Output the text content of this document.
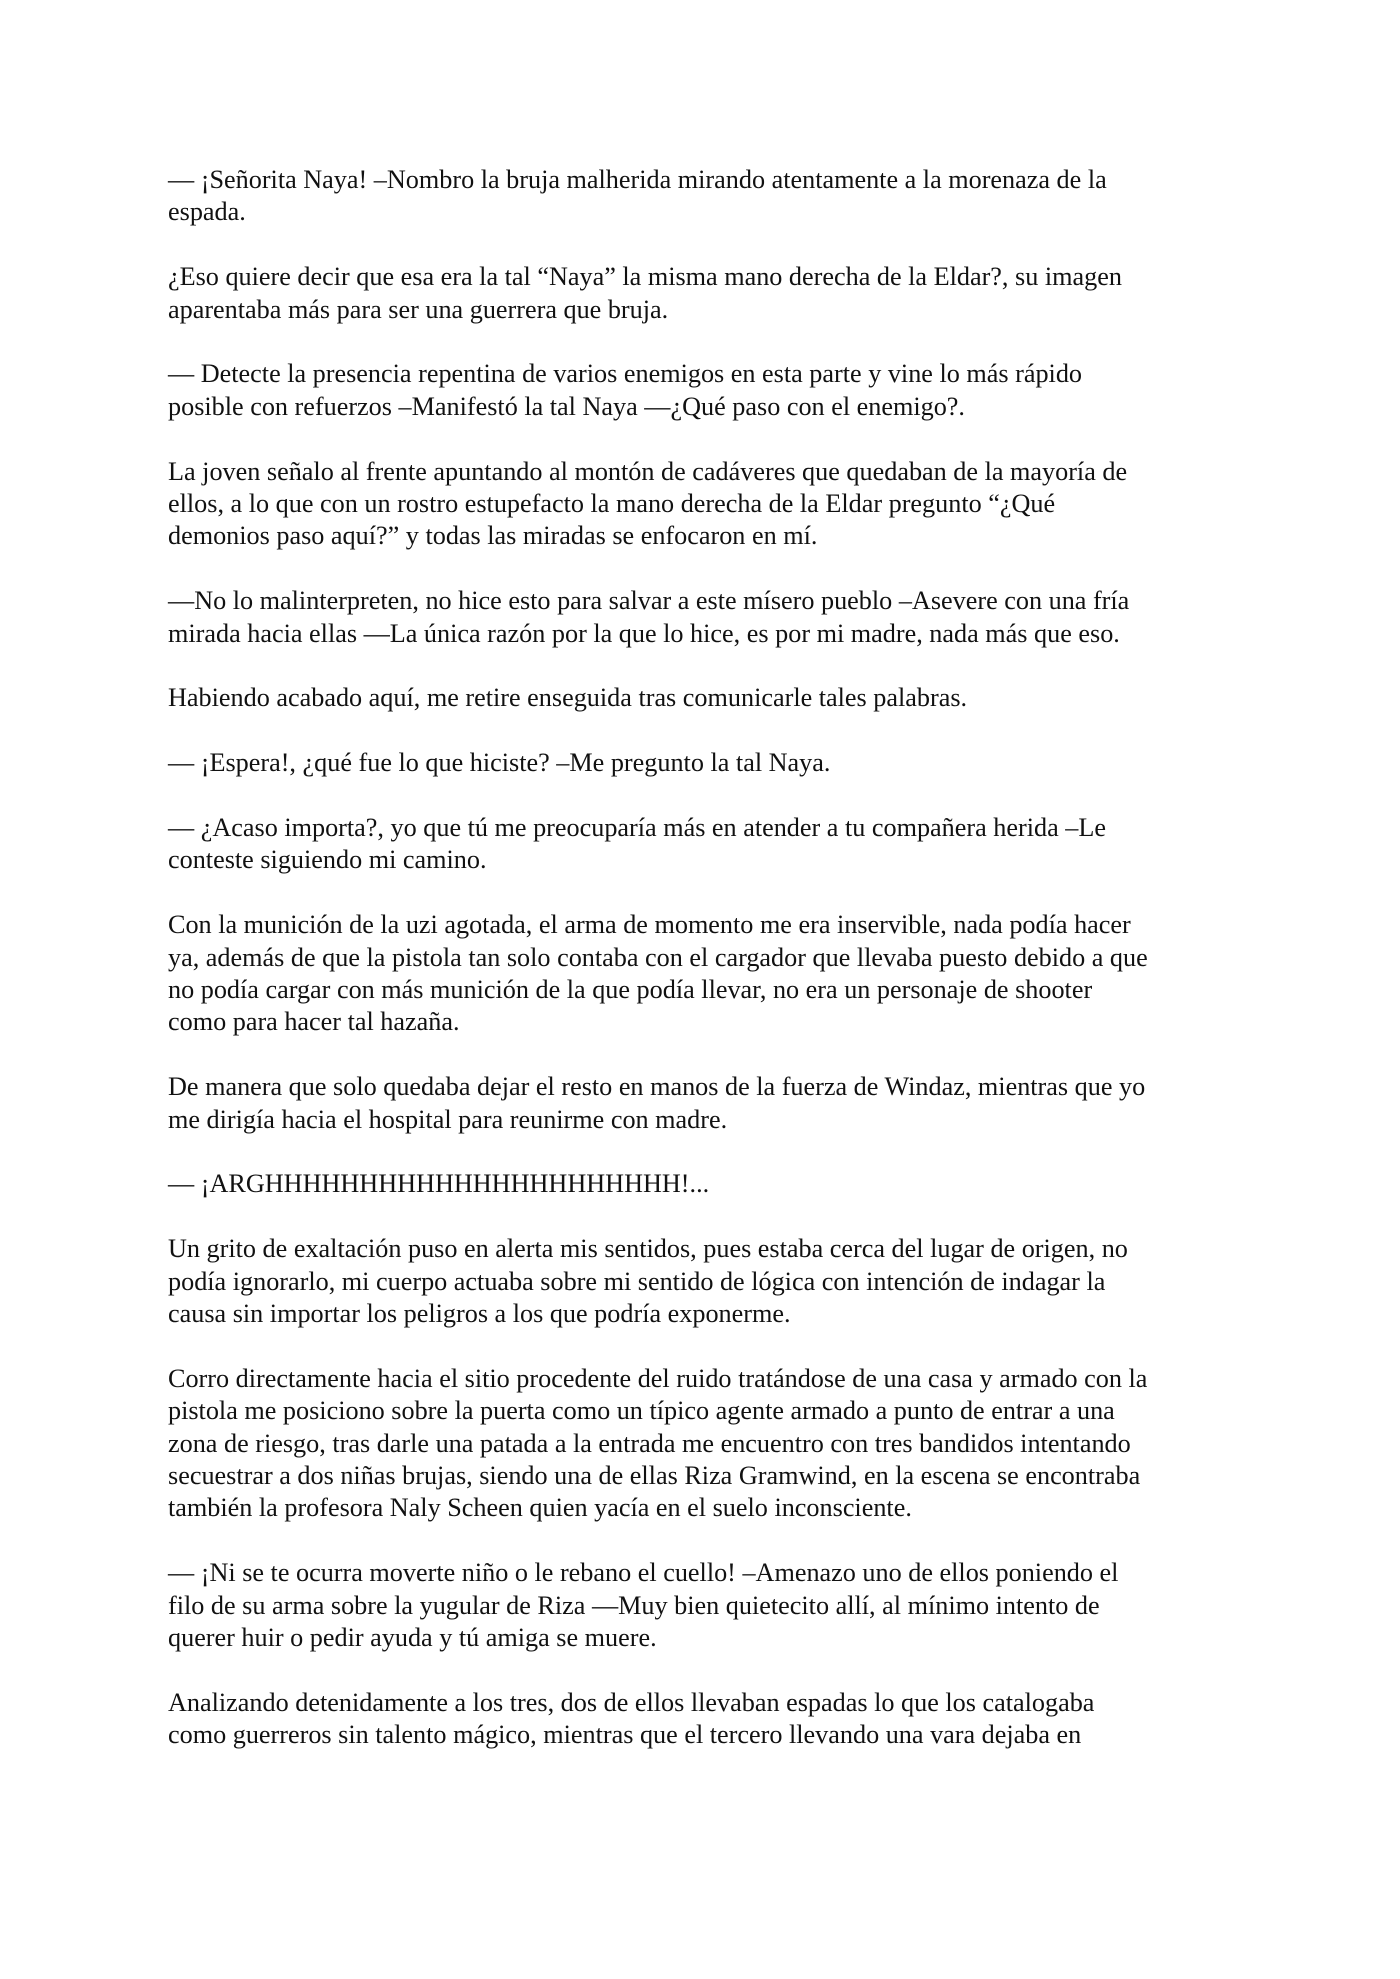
— ¡Señorita Naya! –Nombro la bruja malherida mirando atentamente a la morenaza de la
espada.

¿Eso quiere decir que esa era la tal “Naya” la misma mano derecha de la Eldar?, su imagen
aparentaba más para ser una guerrera que bruja.

— Detecte la presencia repentina de varios enemigos en esta parte y vine lo más rápido
posible con refuerzos –Manifestó la tal Naya —¿Qué paso con el enemigo?.

La joven señalo al frente apuntando al montón de cadáveres que quedaban de la mayoría de
ellos, a lo que con un rostro estupefacto la mano derecha de la Eldar pregunto “¿Qué
demonios paso aquí?” y todas las miradas se enfocaron en mí.

—No lo malinterpreten, no hice esto para salvar a este mísero pueblo –Asevere con una fría
mirada hacia ellas —La única razón por la que lo hice, es por mi madre, nada más que eso.

Habiendo acabado aquí, me retire enseguida tras comunicarle tales palabras.

— ¡Espera!, ¿qué fue lo que hiciste? –Me pregunto la tal Naya.

— ¿Acaso importa?, yo que tú me preocuparía más en atender a tu compañera herida –Le
conteste siguiendo mi camino.

Con la munición de la uzi agotada, el arma de momento me era inservible, nada podía hacer
ya, además de que la pistola tan solo contaba con el cargador que llevaba puesto debido a que
no podía cargar con más munición de la que podía llevar, no era un personaje de shooter
como para hacer tal hazaña.

De manera que solo quedaba dejar el resto en manos de la fuerza de Windaz, mientras que yo
me dirigía hacia el hospital para reunirme con madre.

— ¡ARGHHHHHHHHHHHHHHHHHHHHHH!...

Un grito de exaltación puso en alerta mis sentidos, pues estaba cerca del lugar de origen, no
podía ignorarlo, mi cuerpo actuaba sobre mi sentido de lógica con intención de indagar la
causa sin importar los peligros a los que podría exponerme.

Corro directamente hacia el sitio procedente del ruido tratándose de una casa y armado con la
pistola me posiciono sobre la puerta como un típico agente armado a punto de entrar a una
zona de riesgo, tras darle una patada a la entrada me encuentro con tres bandidos intentando
secuestrar a dos niñas brujas, siendo una de ellas Riza Gramwind, en la escena se encontraba
también la profesora Naly Scheen quien yacía en el suelo inconsciente.

— ¡Ni se te ocurra moverte niño o le rebano el cuello! –Amenazo uno de ellos poniendo el
filo de su arma sobre la yugular de Riza —Muy bien quietecito allí, al mínimo intento de
querer huir o pedir ayuda y tú amiga se muere.

Analizando detenidamente a los tres, dos de ellos llevaban espadas lo que los catalogaba
como guerreros sin talento mágico, mientras que el tercero llevando una vara dejaba en
